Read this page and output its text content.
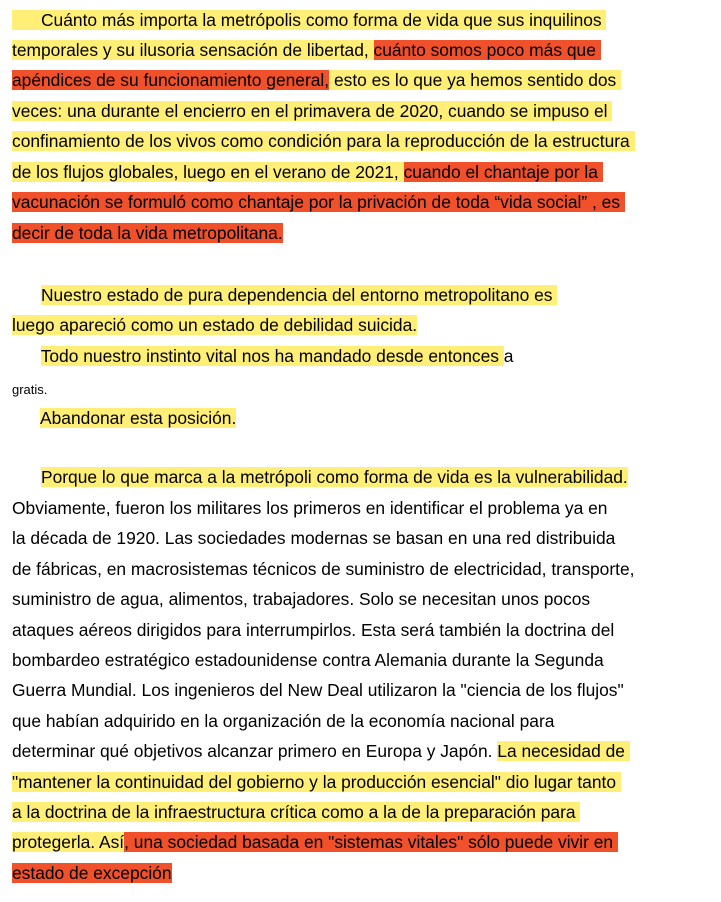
Cuánto más importa la metrópolis como forma de vida que sus inquilinos
temporales y su ilusoria sensación de libertad, cuánto somos poco más que
apéndices de su funcionamiento general, esto es lo que ya hemos sentido dos
veces: una durante el encierro en el primavera de 2020, cuando se impuso el
confinamiento de los vivos como condición para la reproducción de la estructura
de los flujos globales, luego en el verano de 2021, cuando el chantaje por la
vacunación se formuló como chantaje por la privación de toda “vida social” , es
decir de toda la vida metropolitana.
Nuestro estado de pura dependencia del entorno metropolitano es
luego apareció como un estado de debilidad suicida.
Todo nuestro instinto vital nos ha mandado desde entonces a
gratis.
Abandonar esta posición.
Porque lo que marca a la metrópoli como forma de vida es la vulnerabilidad.
Obviamente, fueron los militares los primeros en identificar el problema ya en
la década de 1920. Las sociedades modernas se basan en una red distribuida
de fábricas, en macrosistemas técnicos de suministro de electricidad, transporte,
suministro de agua, alimentos, trabajadores. Solo se necesitan unos pocos
ataques aéreos dirigidos para interrumpirlos. Esta será también la doctrina del
bombardeo estratégico estadounidense contra Alemania durante la Segunda
Guerra Mundial. Los ingenieros del New Deal utilizaron la "ciencia de los flujos"
que habían adquirido en la organización de la economía nacional para
determinar qué objetivos alcanzar primero en Europa y Japón. La necesidad de
"mantener la continuidad del gobierno y la producción esencial" dio lugar tanto
a la doctrina de la infraestructura crítica como a la de la preparación para
protegerla. Así, una sociedad basada en "sistemas vitales" sólo puede vivir en
estado de excepción
